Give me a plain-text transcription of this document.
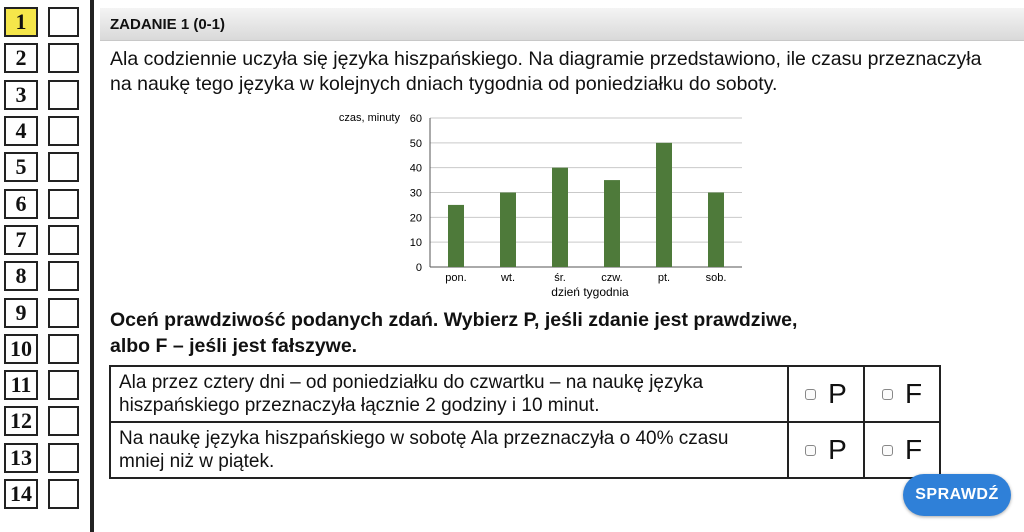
1
2
3
4
5
6
7
8
9
10
11
12
13
14
ZADANIE 1 (0-1)
Ala codziennie uczyła się języka hiszpańskiego. Na diagramie przedstawiono, ile czasu przeznaczyła na naukę tego języka w kolejnych dniach tygodnia od poniedziałku do soboty.
0
10
20
30
40
50
60
pon.	wt.	śr.	czw.	pt.	sob.
czas, minuty
dzień tygodnia
Oceń prawdziwość podanych zdań. Wybierz P, jeśli zdanie jest prawdziwe,
albo F – jeśli jest fałszywe.
Ala przez cztery dni – od poniedziałku do czwartku – na naukę języka hiszpańskiego przeznaczyła łącznie 2 godziny i 10 minut.	P	F

Na naukę języka hiszpańskiego w sobotę Ala przeznaczyła o 40% czasu mniej niż w piątek.	P	F
SPRAWDŹ
